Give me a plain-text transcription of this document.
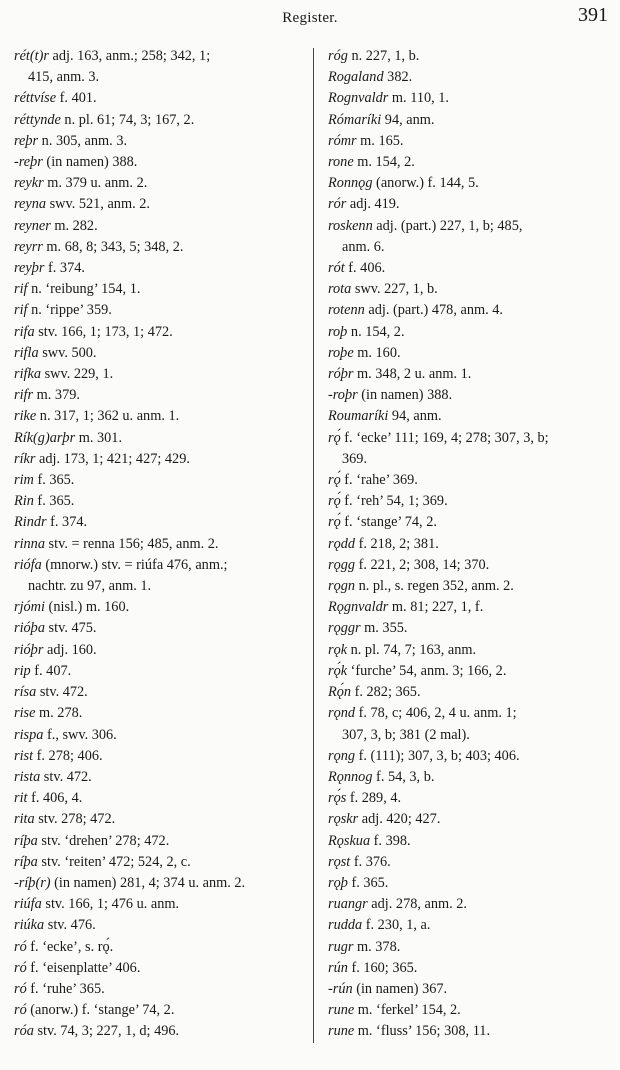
Register.	391
rét(t)r adj. 163, anm.; 258; 342, 1;
415, anm. 3.
réttvíse f. 401.
réttynde n. pl. 61; 74, 3; 167, 2.
reþr n. 305, anm. 3.
-reþr (in namen) 388.
reykr m. 379 u. anm. 2.
reyna swv. 521, anm. 2.
reyner m. 282.
reyrr m. 68, 8; 343, 5; 348, 2.
reyþr f. 374.
rif n. ‘reibung’ 154, 1.
rif n. ‘rippe’ 359.
rifa stv. 166, 1; 173, 1; 472.
rifla swv. 500.
rifka swv. 229, 1.
rifr m. 379.
rike n. 317, 1; 362 u. anm. 1.
Rík(g)arþr m. 301.
ríkr adj. 173, 1; 421; 427; 429.
rim f. 365.
Rin f. 365.
Rindr f. 374.
rinna stv. = renna 156; 485, anm. 2.
riófa (mnorw.) stv. = riúfa 476, anm.;
nachtr. zu 97, anm. 1.
rjómi (nisl.) m. 160.
rióþa stv. 475.
rióþr adj. 160.
rip f. 407.
rísa stv. 472.
rise m. 278.
rispa f., swv. 306.
rist f. 278; 406.
rista stv. 472.
rit f. 406, 4.
rita stv. 278; 472.
ríþa stv. ‘drehen’ 278; 472.
ríþa stv. ‘reiten’ 472; 524, 2, c.
-ríþ(r) (in namen) 281, 4; 374 u. anm. 2.
riúfa stv. 166, 1; 476 u. anm.
riúka stv. 476.
ró f. ‘ecke’, s. rǫ́.
ró f. ‘eisenplatte’ 406.
ró f. ‘ruhe’ 365.
ró (anorw.) f. ‘stange’ 74, 2.
róa stv. 74, 3; 227, 1, d; 496.
róg n. 227, 1, b.
Rogaland 382.
Rognvaldr m. 110, 1.
Rómaríki 94, anm.
rómr m. 165.
rone m. 154, 2.
Ronnǫg (anorw.) f. 144, 5.
rór adj. 419.
roskenn adj. (part.) 227, 1, b; 485,
anm. 6.
rót f. 406.
rota swv. 227, 1, b.
rotenn adj. (part.) 478, anm. 4.
roþ n. 154, 2.
roþe m. 160.
róþr m. 348, 2 u. anm. 1.
-roþr (in namen) 388.
Roumaríki 94, anm.
rǫ́ f. ‘ecke’ 111; 169, 4; 278; 307, 3, b;
369.
rǫ́ f. ‘rahe’ 369.
rǫ́ f. ‘reh’ 54, 1; 369.
rǫ́ f. ‘stange’ 74, 2.
rǫdd f. 218, 2; 381.
rǫgg f. 221, 2; 308, 14; 370.
rǫgn n. pl., s. regen 352, anm. 2.
Rǫgnvaldr m. 81; 227, 1, f.
rǫggr m. 355.
rǫk n. pl. 74, 7; 163, anm.
rǫ́k ‘furche’ 54, anm. 3; 166, 2.
Rǫ́n f. 282; 365.
rǫnd f. 78, c; 406, 2, 4 u. anm. 1;
307, 3, b; 381 (2 mal).
rǫng f. (111); 307, 3, b; 403; 406.
Rǫnnog f. 54, 3, b.
rǫ́s f. 289, 4.
rǫskr adj. 420; 427.
Rǫskua f. 398.
rǫst f. 376.
rǫþ f. 365.
ruangr adj. 278, anm. 2.
rudda f. 230, 1, a.
rugr m. 378.
rún f. 160; 365.
-rún (in namen) 367.
rune m. ‘ferkel’ 154, 2.
rune m. ‘fluss’ 156; 308, 11.
